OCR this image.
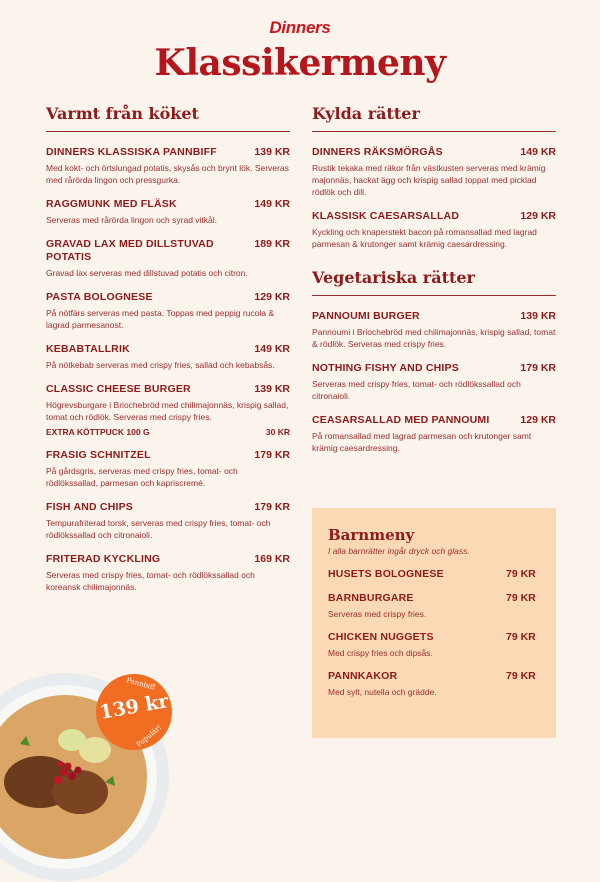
Dinners
Klassikermeny
Varmt från köket
DINNERS KLASSISKA PANNBIFF	139 KR
Med kokt- och örtslungad potatis, skysås och brynt lök. Serveras med rårörda lingon och pressgurka.
RAGGMUNK MED FLÄSK	149 KR
Serveras med rårörda lingon och syrad vitkål.
GRAVAD LAX MED DILLSTUVAD POTATIS
189 KR
Gravad lax serveras med dillstuvad potatis och citron.
PASTA BOLOGNESE	129 KR
På nötfärs serveras med pasta. Toppas med peppig rucola & lagrad parmesanost.
KEBABTALLRIK	149 KR
På nötkebab serveras med crispy fries, sallad och kebabsås.
CLASSIC CHEESE BURGER	139 KR
Högrevsburgare i Briochebröd med chilimajonnäs, krispig sallad, tomat och rödlök. Serveras med crispy fries.
EXTRA KÖTTPUCK 100 G	30 KR
FRASIG SCHNITZEL	179 KR
På gårdsgris, serveras med crispy fries, tomat- och rödlökssallad, parmesan och kapriscremé.
FISH AND CHIPS	179 KR
Tempurafriterad torsk, serveras med crispy fries, tomat- och rödlökssallad och citronaioli.
FRITERAD KYCKLING	169 KR
Serveras med crispy fries, tomat- och rödlökssallad och koreansk chilimajonnäs.
Kylda rätter
DINNERS RÄKSMÖRGÅS	149 KR
Rustik tekaka med räkor från västkusten serveras med krämig majonnäs, hackat ägg och krispig sallad toppat med picklad rödlök och dill.
KLASSISK CAESARSALLAD	129 KR
Kyckling och knaperstekt bacon på romansallad med lagrad parmesan & krutonger samt krämig caesardressing.
Vegetariska rätter
PANNOUMI BURGER	139 KR
Pannoumi i Briochebröd med chilimajonnäs, krispig sallad, tomat & rödlök. Serveras med crispy fries.
NOTHING FISHY AND CHIPS	179 KR
Serveras med crispy fries, tomat- och rödlökssallad och citronaioli.
CEASARSALLAD MED PANNOUMI	129 KR
På romansallad med lagrad parmesan och krutonger samt krämig caesardressing.
Barnmeny
I alla barnrätter ingår dryck och glass.
HUSETS BOLOGNESE	79 KR
BARNBURGARE	79 KR
Serveras med crispy fries.
CHICKEN NUGGETS	79 KR
Med crispy fries och dipsås.
PANNKAKOR	79 KR
Med sylt, nutella och grädde.
Pannbiff
139 kr
Populär!
